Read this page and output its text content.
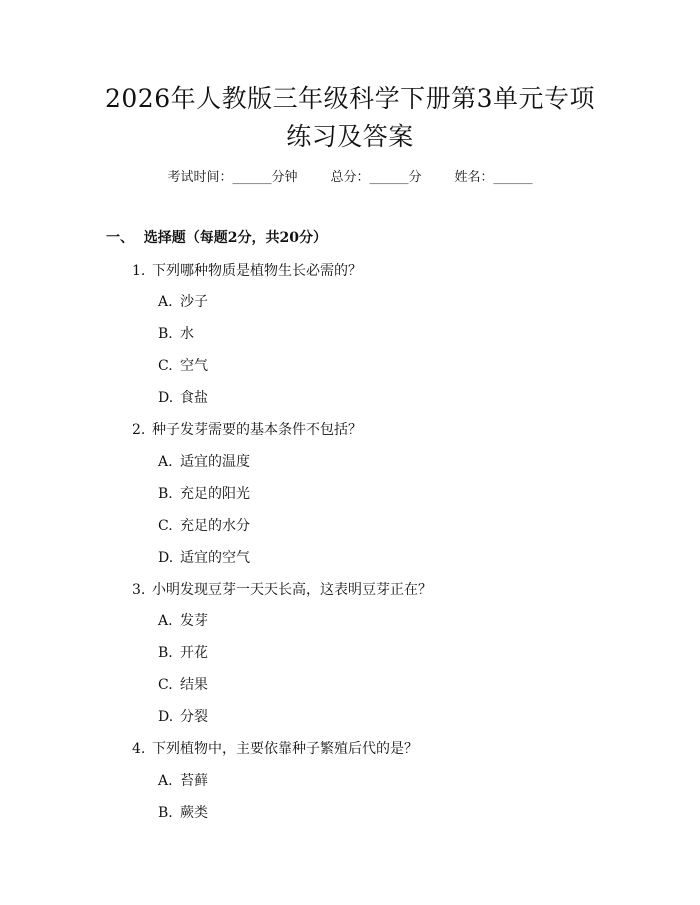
2026年人教版三年级科学下册第3单元专项
练习及答案
考试时间：______分钟        总分：______分        姓名：______
一、 选择题（每题2分，共20分）
1. 下列哪种物质是植物生长必需的？
A. 沙子
B. 水
C. 空气
D. 食盐
2. 种子发芽需要的基本条件不包括？
A. 适宜的温度
B. 充足的阳光
C. 充足的水分
D. 适宜的空气
3. 小明发现豆芽一天天长高，这表明豆芽正在？
A. 发芽
B. 开花
C. 结果
D. 分裂
4. 下列植物中，主要依靠种子繁殖后代的是？
A. 苔藓
B. 蕨类
